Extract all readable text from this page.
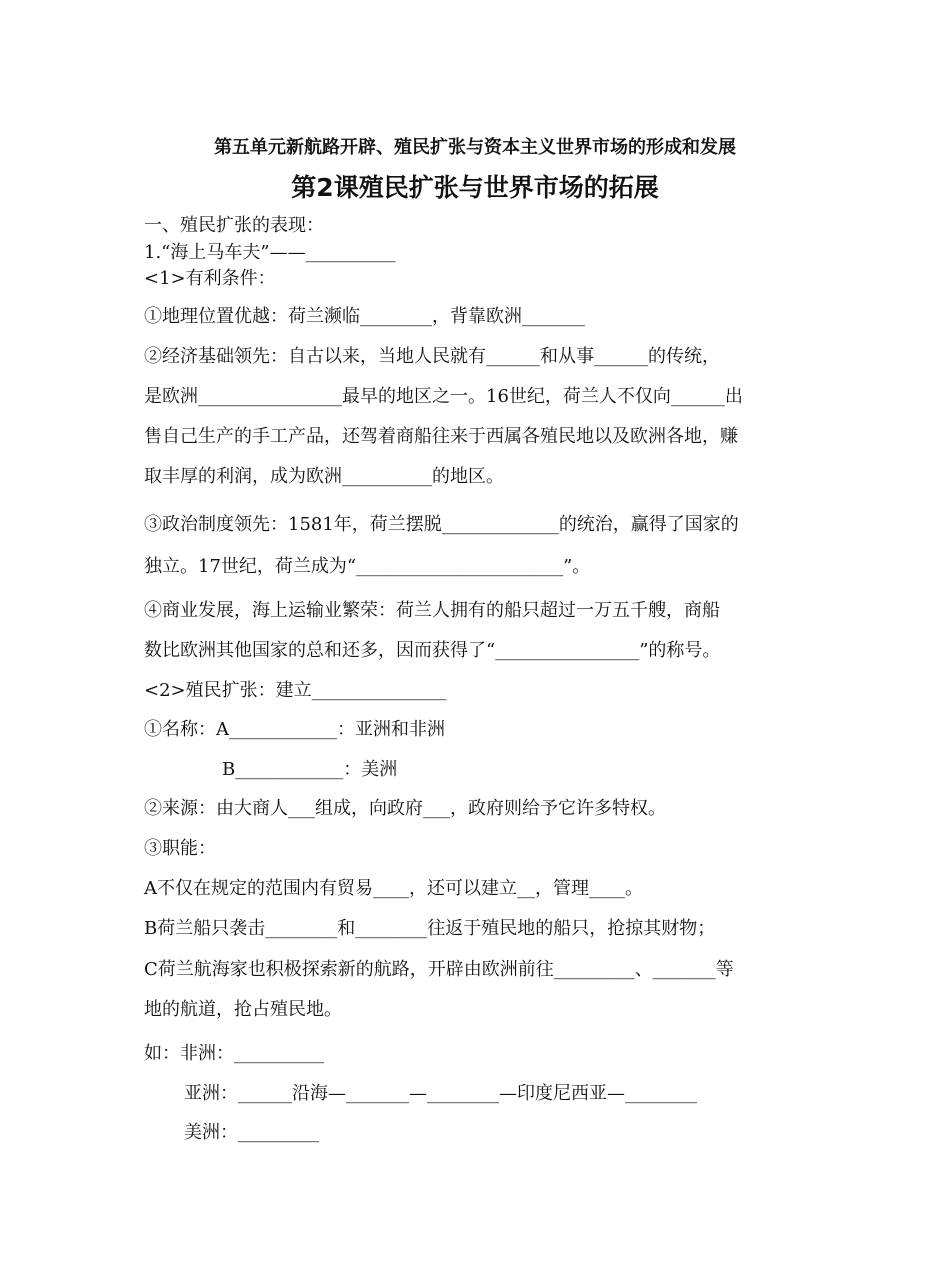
第五单元新航路开辟、殖民扩张与资本主义世界市场的形成和发展
第2课殖民扩张与世界市场的拓展
一、殖民扩张的表现：
1.“海上马车夫”——__________
<1>有利条件：
①地理位置优越：荷兰濒临________，背靠欧洲_______
②经济基础领先：自古以来，当地人民就有______和从事______的传统，
是欧洲________________最早的地区之一。16世纪，荷兰人不仅向______出
售自己生产的手工产品，还驾着商船往来于西属各殖民地以及欧洲各地，赚
取丰厚的利润，成为欧洲__________的地区。
③政治制度领先：1581年，荷兰摆脱_____________的统治，赢得了国家的
独立。17世纪，荷兰成为“_______________________”。
④商业发展，海上运输业繁荣：荷兰人拥有的船只超过一万五千艘，商船
数比欧洲其他国家的总和还多，因而获得了“________________”的称号。
<2>殖民扩张：建立_______________
①名称：A____________：亚洲和非洲
B____________：美洲
②来源：由大商人___组成，向政府___，政府则给予它许多特权。
③职能：
A不仅在规定的范围内有贸易____，还可以建立__，管理____。
B荷兰船只袭击________和________往返于殖民地的船只，抢掠其财物；
C荷兰航海家也积极探索新的航路，开辟由欧洲前往_________、_______等
地的航道，抢占殖民地。
如：非洲：__________
亚洲：______沿海—_______—________—印度尼西亚—________
美洲：_________
